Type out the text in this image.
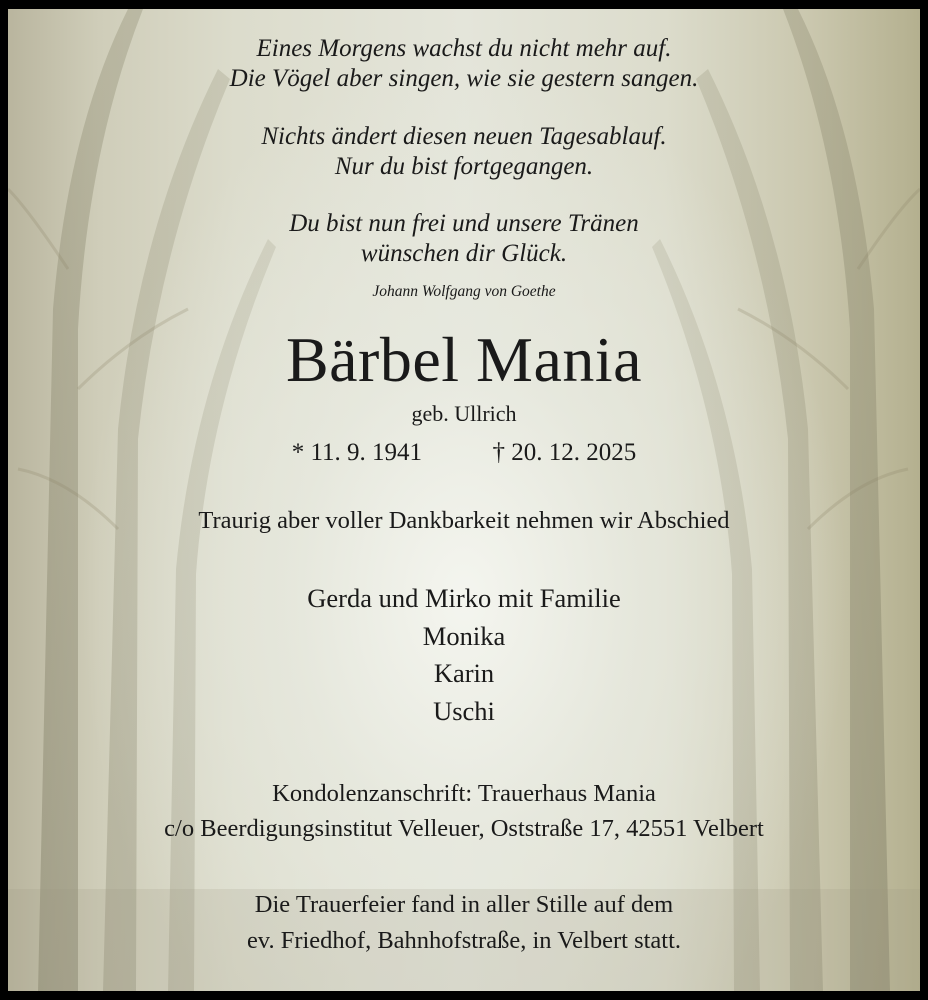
Eines Morgens wachst du nicht mehr auf.
Die Vögel aber singen, wie sie gestern sangen.
Nichts ändert diesen neuen Tagesablauf.
Nur du bist fortgegangen.
Du bist nun frei und unsere Tränen
wünschen dir Glück.
Johann Wolfgang von Goethe
Bärbel Mania
geb. Ullrich
* 11. 9. 1941	† 20. 12. 2025
Traurig aber voller Dankbarkeit nehmen wir Abschied
Gerda und Mirko mit Familie
Monika
Karin
Uschi
Kondolenzanschrift: Trauerhaus Mania
c/o Beerdigungsinstitut Velleuer, Oststraße 17, 42551 Velbert
Die Trauerfeier fand in aller Stille auf dem
ev. Friedhof, Bahnhofstraße, in Velbert statt.
